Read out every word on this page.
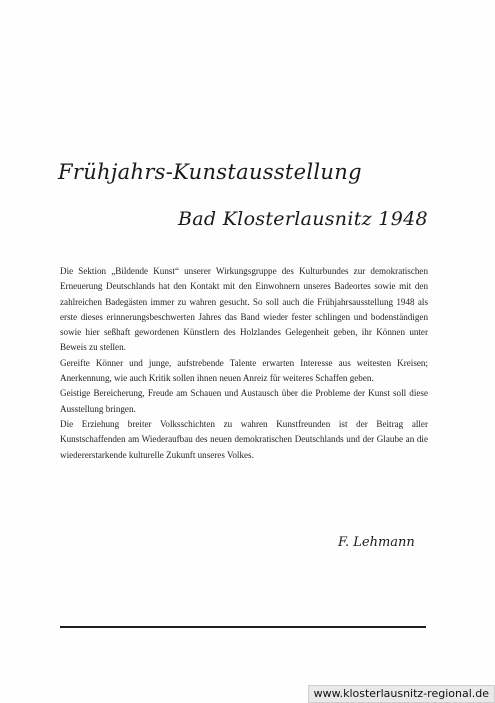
Frühjahrs-Kunstausstellung
Bad Klosterlausnitz 1948

Die Sektion „Bildende Kunst“ unserer Wirkungsgruppe des Kulturbundes zur demokratischen Erneuerung Deutschlands hat den Kontakt mit den Einwohnern unseres Badeortes sowie mit den zahlreichen Badegästen immer zu wahren gesucht. So soll auch die Frühjahrsausstellung 1948 als erste dieses erinnerungsbeschwerten Jahres das Band wieder fester schlingen und bodenständigen sowie hier seßhaft gewordenen Künstlern des Holzlandes Gelegenheit geben, ihr Können unter Beweis zu stellen.

Gereifte Könner und junge, aufstrebende Talente erwarten Interesse aus weitesten Kreisen; Anerkennung, wie auch Kritik sollen ihnen neuen Anreiz für weiteres Schaffen geben.

Geistige Bereicherung, Freude am Schauen und Austausch über die Probleme der Kunst soll diese Ausstellung bringen.

Die Erziehung breiter Volksschichten zu wahren Kunstfreunden ist der Beitrag aller Kunstschaffenden am Wiederaufbau des neuen demokratischen Deutschlands und der Glaube an die wiedererstarkende kulturelle Zukunft unseres Volkes.

F. Lehmann
www.klosterlausnitz-regional.de
